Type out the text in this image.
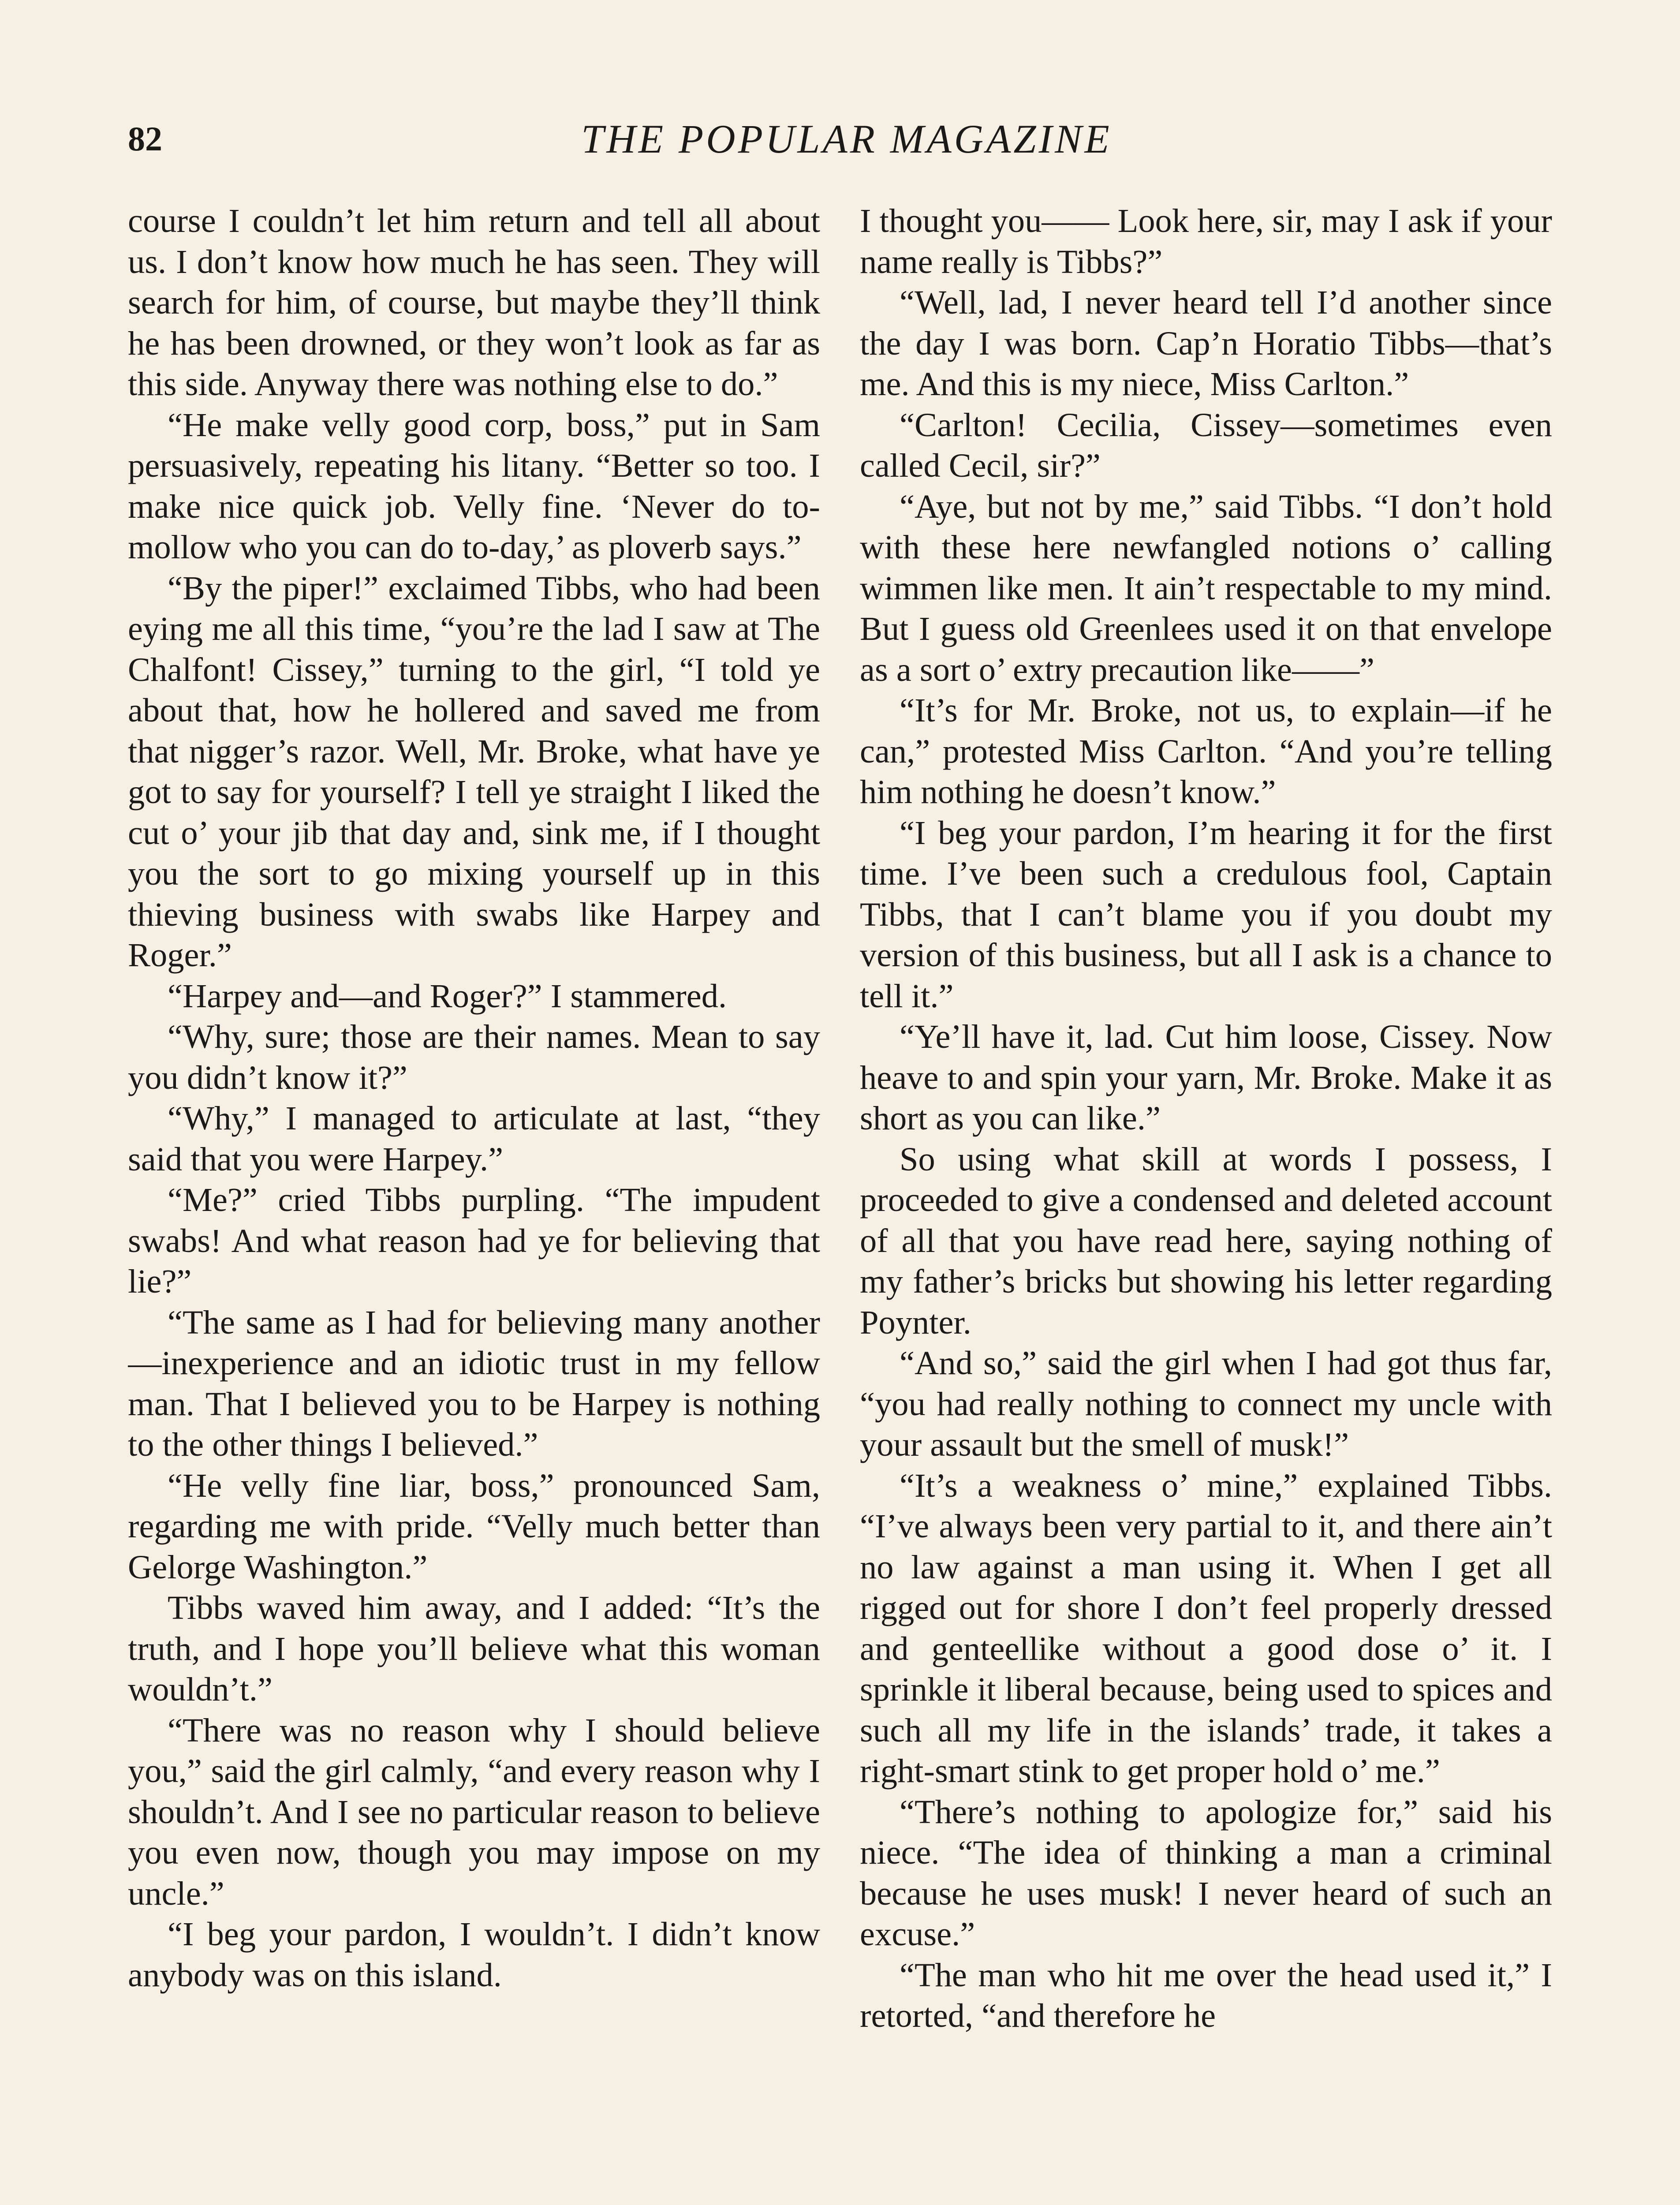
82	THE POPULAR MAGAZINE

course I couldn’t let him return and tell all about us. I don’t know how much he has seen. They will search for him, of course, but maybe they’ll think he has been drowned, or they won’t look as far as this side. Anyway there was nothing else to do.”

“He make velly good corp, boss,” put in Sam persuasively, repeating his litany. “Better so too. I make nice quick job. Velly fine. ‘Never do to-mollow who you can do to-day,’ as ploverb says.”

“By the piper!” exclaimed Tibbs, who had been eying me all this time, “you’re the lad I saw at The Chalfont! Cissey,” turning to the girl, “I told ye about that, how he hollered and saved me from that nigger’s razor. Well, Mr. Broke, what have ye got to say for yourself? I tell ye straight I liked the cut o’ your jib that day and, sink me, if I thought you the sort to go mixing yourself up in this thieving business with swabs like Harpey and Roger.”

“Harpey and—and Roger?” I stammered.

“Why, sure; those are their names. Mean to say you didn’t know it?”

“Why,” I managed to articulate at last, “they said that you were Harpey.”

“Me?” cried Tibbs purpling. “The impudent swabs! And what reason had ye for believing that lie?”

“The same as I had for believing many another—inexperience and an idiotic trust in my fellow man. That I believed you to be Harpey is nothing to the other things I believed.”

“He velly fine liar, boss,” pronounced Sam, regarding me with pride. “Velly much better than Gelorge Washington.”

Tibbs waved him away, and I added: “It’s the truth, and I hope you’ll believe what this woman wouldn’t.”

“There was no reason why I should believe you,” said the girl calmly, “and every reason why I shouldn’t. And I see no particular reason to believe you even now, though you may impose on my uncle.”

“I beg your pardon, I wouldn’t. I didn’t know anybody was on this island.

I thought you—— Look here, sir, may I ask if your name really is Tibbs?”

“Well, lad, I never heard tell I’d another since the day I was born. Cap’n Horatio Tibbs—that’s me. And this is my niece, Miss Carlton.”

“Carlton! Cecilia, Cissey—sometimes even called Cecil, sir?”

“Aye, but not by me,” said Tibbs. “I don’t hold with these here newfangled notions o’ calling wimmen like men. It ain’t respectable to my mind. But I guess old Greenlees used it on that envelope as a sort o’ extry precaution like——”

“It’s for Mr. Broke, not us, to explain—if he can,” protested Miss Carlton. “And you’re telling him nothing he doesn’t know.”

“I beg your pardon, I’m hearing it for the first time. I’ve been such a credulous fool, Captain Tibbs, that I can’t blame you if you doubt my version of this business, but all I ask is a chance to tell it.”

“Ye’ll have it, lad. Cut him loose, Cissey. Now heave to and spin your yarn, Mr. Broke. Make it as short as you can like.”

So using what skill at words I possess, I proceeded to give a condensed and deleted account of all that you have read here, saying nothing of my father’s bricks but showing his letter regarding Poynter.

“And so,” said the girl when I had got thus far, “you had really nothing to connect my uncle with your assault but the smell of musk!”

“It’s a weakness o’ mine,” explained Tibbs. “I’ve always been very partial to it, and there ain’t no law against a man using it. When I get all rigged out for shore I don’t feel properly dressed and genteellike without a good dose o’ it. I sprinkle it liberal because, being used to spices and such all my life in the islands’ trade, it takes a right-smart stink to get proper hold o’ me.”

“There’s nothing to apologize for,” said his niece. “The idea of thinking a man a criminal because he uses musk! I never heard of such an excuse.”

“The man who hit me over the head used it,” I retorted, “and therefore he
